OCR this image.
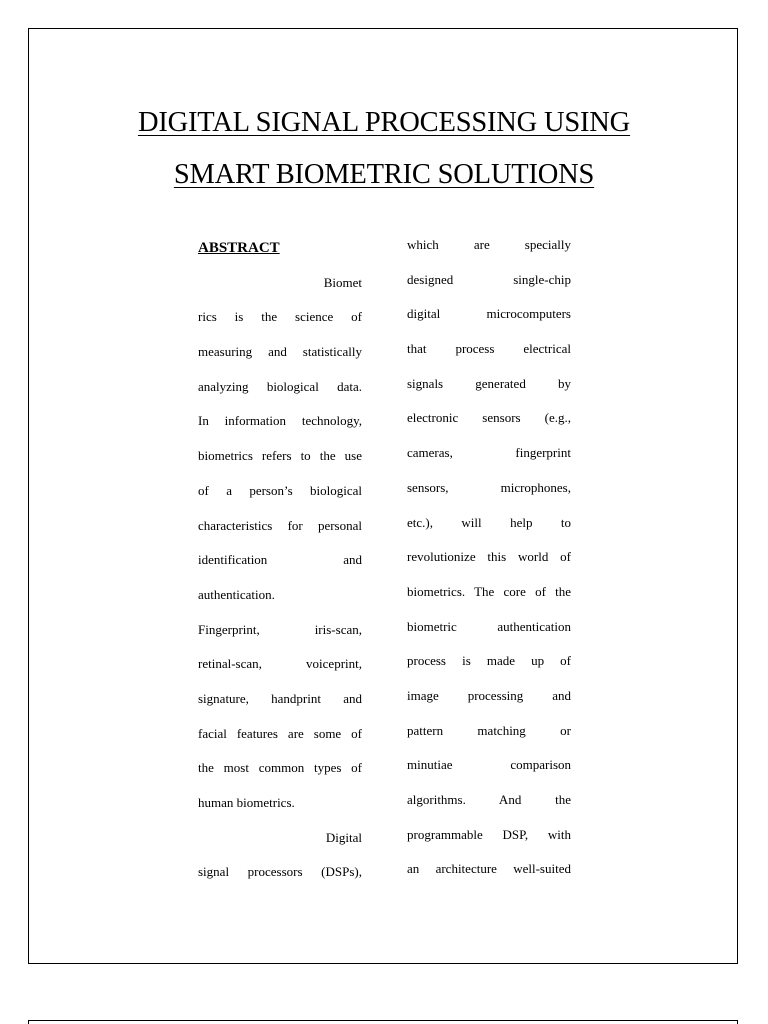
DIGITAL SIGNAL PROCESSING USING
SMART BIOMETRIC SOLUTIONS
ABSTRACT
Biomet
rics is the science of
measuring and statistically
analyzing biological data.
In information technology,
biometrics refers to the use
of a person’s biological
characteristics for personal
identification and
authentication.
Fingerprint, iris-scan,
retinal-scan, voiceprint,
signature, handprint and
facial features are some of
the most common types of
human biometrics.
Digital
signal processors (DSPs),
which are specially
designed single-chip
digital microcomputers
that process electrical
signals generated by
electronic sensors (e.g.,
cameras, fingerprint
sensors, microphones,
etc.), will help to
revolutionize this world of
biometrics. The core of the
biometric authentication
process is made up of
image processing and
pattern matching or
minutiae comparison
algorithms. And the
programmable DSP, with
an architecture well-suited
